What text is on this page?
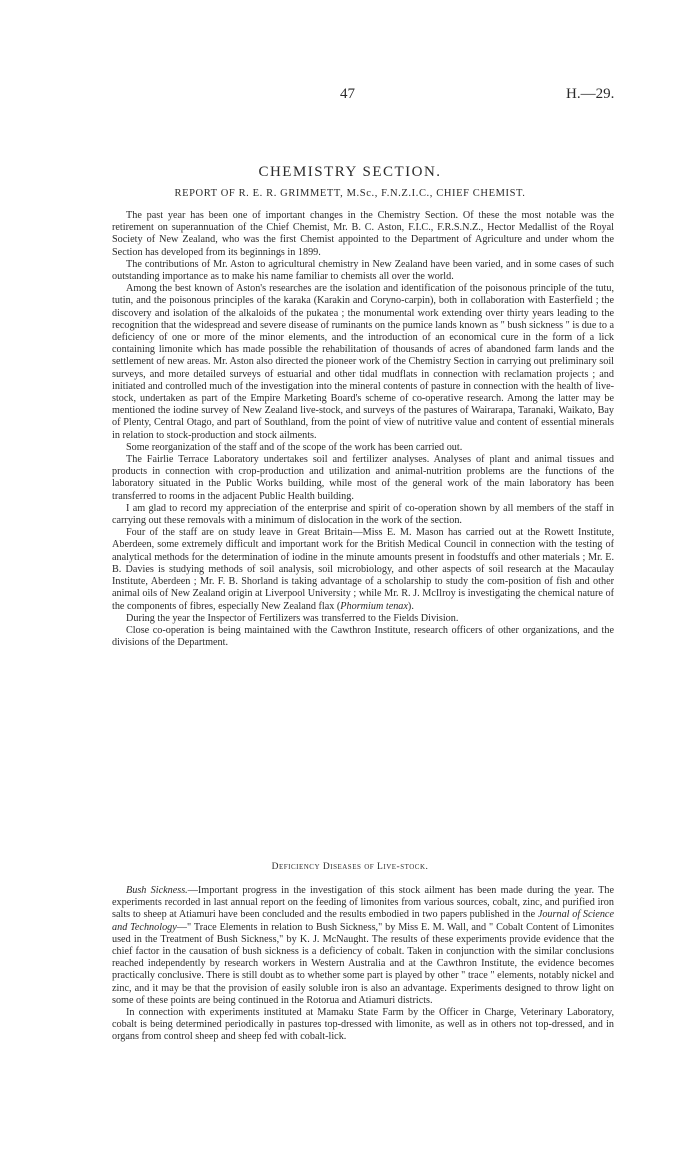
47	H.—29.
CHEMISTRY SECTION.
REPORT OF R. E. R. GRIMMETT, M.Sc., F.N.Z.I.C., CHIEF CHEMIST.

The past year has been one of important changes in the Chemistry Section. Of these the most notable was the retirement on superannuation of the Chief Chemist, Mr. B. C. Aston, F.I.C., F.R.S.N.Z., Hector Medallist of the Royal Society of New Zealand, who was the first Chemist appointed to the Department of Agriculture and under whom the Section has developed from its beginnings in 1899.

The contributions of Mr. Aston to agricultural chemistry in New Zealand have been varied, and in some cases of such outstanding importance as to make his name familiar to chemists all over the world.

Among the best known of Aston's researches are the isolation and identification of the poisonous principle of the tutu, tutin, and the poisonous principles of the karaka (Karakin and Coryno-carpin), both in collaboration with Easterfield ; the discovery and isolation of the alkaloids of the pukatea ; the monumental work extending over thirty years leading to the recognition that the widespread and severe disease of ruminants on the pumice lands known as " bush sickness " is due to a deficiency of one or more of the minor elements, and the introduction of an economical cure in the form of a lick containing limonite which has made possible the rehabilitation of thousands of acres of abandoned farm lands and the settlement of new areas. Mr. Aston also directed the pioneer work of the Chemistry Section in carrying out preliminary soil surveys, and more detailed surveys of estuarial and other tidal mudflats in connection with reclamation projects ; and initiated and controlled much of the investigation into the mineral contents of pasture in connection with the health of live-stock, undertaken as part of the Empire Marketing Board's scheme of co-operative research. Among the latter may be mentioned the iodine survey of New Zealand live-stock, and surveys of the pastures of Wairarapa, Taranaki, Waikato, Bay of Plenty, Central Otago, and part of Southland, from the point of view of nutritive value and content of essential minerals in relation to stock-production and stock ailments.

Some reorganization of the staff and of the scope of the work has been carried out.

The Fairlie Terrace Laboratory undertakes soil and fertilizer analyses. Analyses of plant and animal tissues and products in connection with crop-production and utilization and animal-nutrition problems are the functions of the laboratory situated in the Public Works building, while most of the general work of the main laboratory has been transferred to rooms in the adjacent Public Health building.

I am glad to record my appreciation of the enterprise and spirit of co-operation shown by all members of the staff in carrying out these removals with a minimum of dislocation in the work of the section.

Four of the staff are on study leave in Great Britain—Miss E. M. Mason has carried out at the Rowett Institute, Aberdeen, some extremely difficult and important work for the British Medical Council in connection with the testing of analytical methods for the determination of iodine in the minute amounts present in foodstuffs and other materials ; Mr. E. B. Davies is studying methods of soil analysis, soil microbiology, and other aspects of soil research at the Macaulay Institute, Aberdeen ; Mr. F. B. Shorland is taking advantage of a scholarship to study the com-position of fish and other animal oils of New Zealand origin at Liverpool University ; while Mr. R. J. McIlroy is investigating the chemical nature of the components of fibres, especially New Zealand flax (Phormium tenax).

During the year the Inspector of Fertilizers was transferred to the Fields Division.

Close co-operation is being maintained with the Cawthron Institute, research officers of other organizations, and the divisions of the Department.

Deficiency Diseases of Live-stock.

Bush Sickness.—Important progress in the investigation of this stock ailment has been made during the year. The experiments recorded in last annual report on the feeding of limonites from various sources, cobalt, zinc, and purified iron salts to sheep at Atiamuri have been concluded and the results embodied in two papers published in the Journal of Science and Technology—" Trace Elements in relation to Bush Sickness," by Miss E. M. Wall, and " Cobalt Content of Limonites used in the Treatment of Bush Sickness," by K. J. McNaught. The results of these experiments provide evidence that the chief factor in the causation of bush sickness is a deficiency of cobalt. Taken in conjunction with the similar conclusions reached independently by research workers in Western Australia and at the Cawthron Institute, the evidence becomes practically conclusive. There is still doubt as to whether some part is played by other " trace " elements, notably nickel and zinc, and it may be that the provision of easily soluble iron is also an advantage. Experiments designed to throw light on some of these points are being continued in the Rotorua and Atiamuri districts.

In connection with experiments instituted at Mamaku State Farm by the Officer in Charge, Veterinary Laboratory, cobalt is being determined periodically in pastures top-dressed with limonite, as well as in others not top-dressed, and in organs from control sheep and sheep fed with cobalt-lick.
